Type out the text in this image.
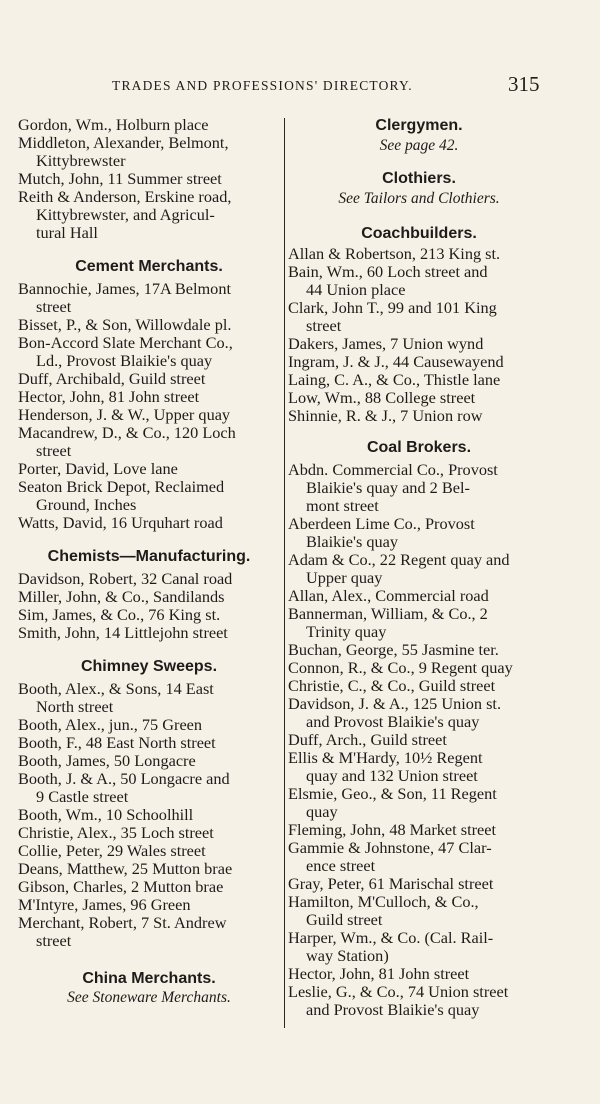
TRADES AND PROFESSIONS' DIRECTORY.	315
Gordon, Wm., Holburn place
Middleton, Alexander, Belmont,
Kittybrewster
Mutch, John, 11 Summer street
Reith & Anderson, Erskine road,
Kittybrewster, and Agricul-
tural Hall
Cement Merchants.
Bannochie, James, 17A Belmont
street
Bisset, P., & Son, Willowdale pl.
Bon-Accord Slate Merchant Co.,
Ld., Provost Blaikie's quay
Duff, Archibald, Guild street
Hector, John, 81 John street
Henderson, J. & W., Upper quay
Macandrew, D., & Co., 120 Loch
street
Porter, David, Love lane
Seaton Brick Depot, Reclaimed
Ground, Inches
Watts, David, 16 Urquhart road
Chemists—Manufacturing.
Davidson, Robert, 32 Canal road
Miller, John, & Co., Sandilands
Sim, James, & Co., 76 King st.
Smith, John, 14 Littlejohn street
Chimney Sweeps.
Booth, Alex., & Sons, 14 East
North street
Booth, Alex., jun., 75 Green
Booth, F., 48 East North street
Booth, James, 50 Longacre
Booth, J. & A., 50 Longacre and
9 Castle street
Booth, Wm., 10 Schoolhill
Christie, Alex., 35 Loch street
Collie, Peter, 29 Wales street
Deans, Matthew, 25 Mutton brae
Gibson, Charles, 2 Mutton brae
M'Intyre, James, 96 Green
Merchant, Robert, 7 St. Andrew
street
China Merchants.
See Stoneware Merchants.
Clergymen.
See page 42.
Clothiers.
See Tailors and Clothiers.
Coachbuilders.
Allan & Robertson, 213 King st.
Bain, Wm., 60 Loch street and
44 Union place
Clark, John T., 99 and 101 King
street
Dakers, James, 7 Union wynd
Ingram, J. & J., 44 Causewayend
Laing, C. A., & Co., Thistle lane
Low, Wm., 88 College street
Shinnie, R. & J., 7 Union row
Coal Brokers.
Abdn. Commercial Co., Provost
Blaikie's quay and 2 Bel-
mont street
Aberdeen Lime Co., Provost
Blaikie's quay
Adam & Co., 22 Regent quay and
Upper quay
Allan, Alex., Commercial road
Bannerman, William, & Co., 2
Trinity quay
Buchan, George, 55 Jasmine ter.
Connon, R., & Co., 9 Regent quay
Christie, C., & Co., Guild street
Davidson, J. & A., 125 Union st.
and Provost Blaikie's quay
Duff, Arch., Guild street
Ellis & M'Hardy, 10½ Regent
quay and 132 Union street
Elsmie, Geo., & Son, 11 Regent
quay
Fleming, John, 48 Market street
Gammie & Johnstone, 47 Clar-
ence street
Gray, Peter, 61 Marischal street
Hamilton, M'Culloch, & Co.,
Guild street
Harper, Wm., & Co. (Cal. Rail-
way Station)
Hector, John, 81 John street
Leslie, G., & Co., 74 Union street
and Provost Blaikie's quay
